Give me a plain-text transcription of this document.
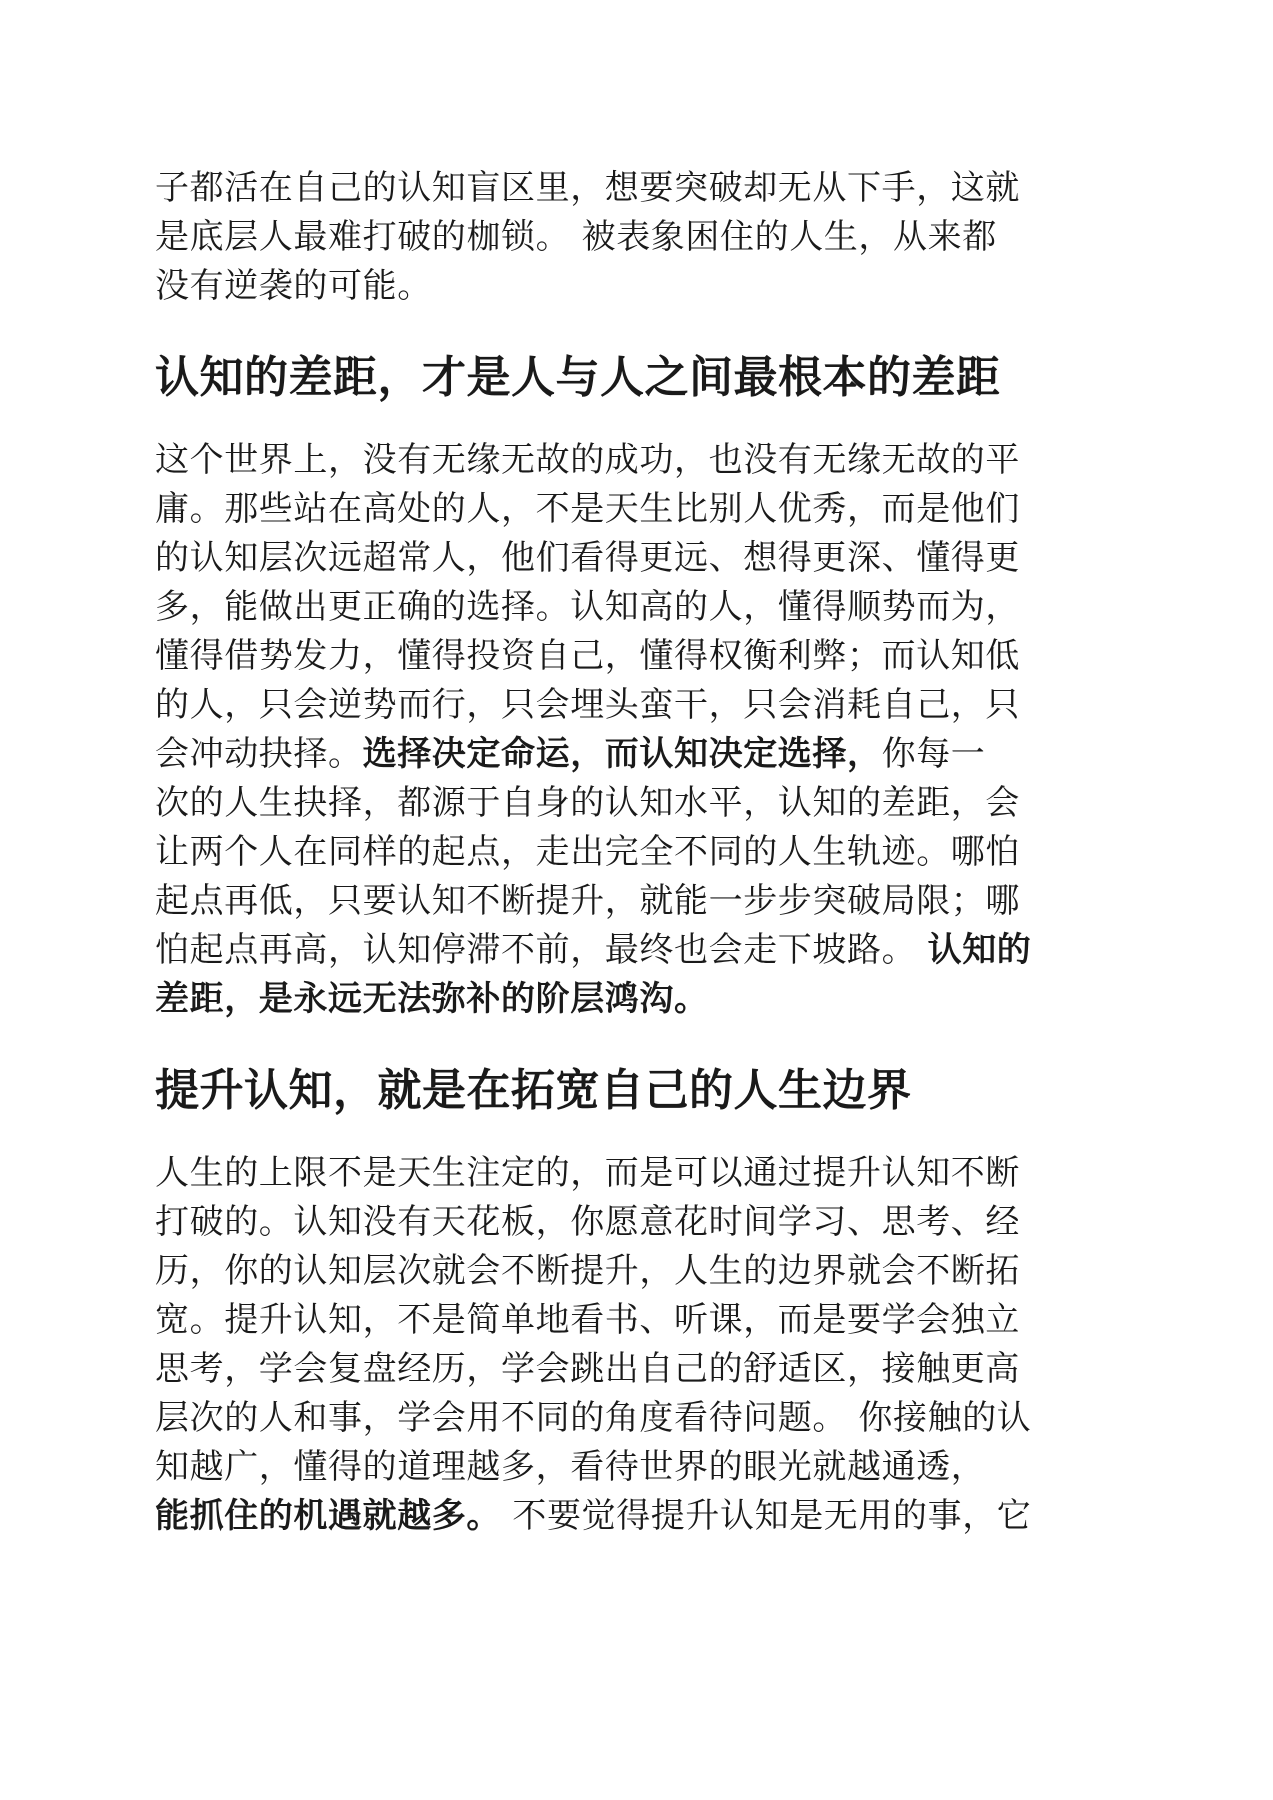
子都活在自己的认知盲区里，想要突破却无从下手，这就
是底层人最难打破的枷锁。 被表象困住的人生，从来都
没有逆袭的可能。
认知的差距，才是人与人之间最根本的差距
这个世界上，没有无缘无故的成功，也没有无缘无故的平
庸。那些站在高处的人，不是天生比别人优秀，而是他们
的认知层次远超常人，他们看得更远、想得更深、懂得更
多，能做出更正确的选择。认知高的人，懂得顺势而为，
懂得借势发力，懂得投资自己，懂得权衡利弊；而认知低
的人，只会逆势而行，只会埋头蛮干，只会消耗自己，只
会冲动抉择。选择决定命运，而认知决定选择，你每一
次的人生抉择，都源于自身的认知水平，认知的差距，会
让两个人在同样的起点，走出完全不同的人生轨迹。哪怕
起点再低，只要认知不断提升，就能一步步突破局限；哪
怕起点再高，认知停滞不前，最终也会走下坡路。 认知的
差距，是永远无法弥补的阶层鸿沟。
提升认知，就是在拓宽自己的人生边界
人生的上限不是天生注定的，而是可以通过提升认知不断
打破的。认知没有天花板，你愿意花时间学习、思考、经
历，你的认知层次就会不断提升，人生的边界就会不断拓
宽。提升认知，不是简单地看书、听课，而是要学会独立
思考，学会复盘经历，学会跳出自己的舒适区，接触更高
层次的人和事，学会用不同的角度看待问题。 你接触的认
知越广，懂得的道理越多，看待世界的眼光就越通透，
能抓住的机遇就越多。 不要觉得提升认知是无用的事，它
